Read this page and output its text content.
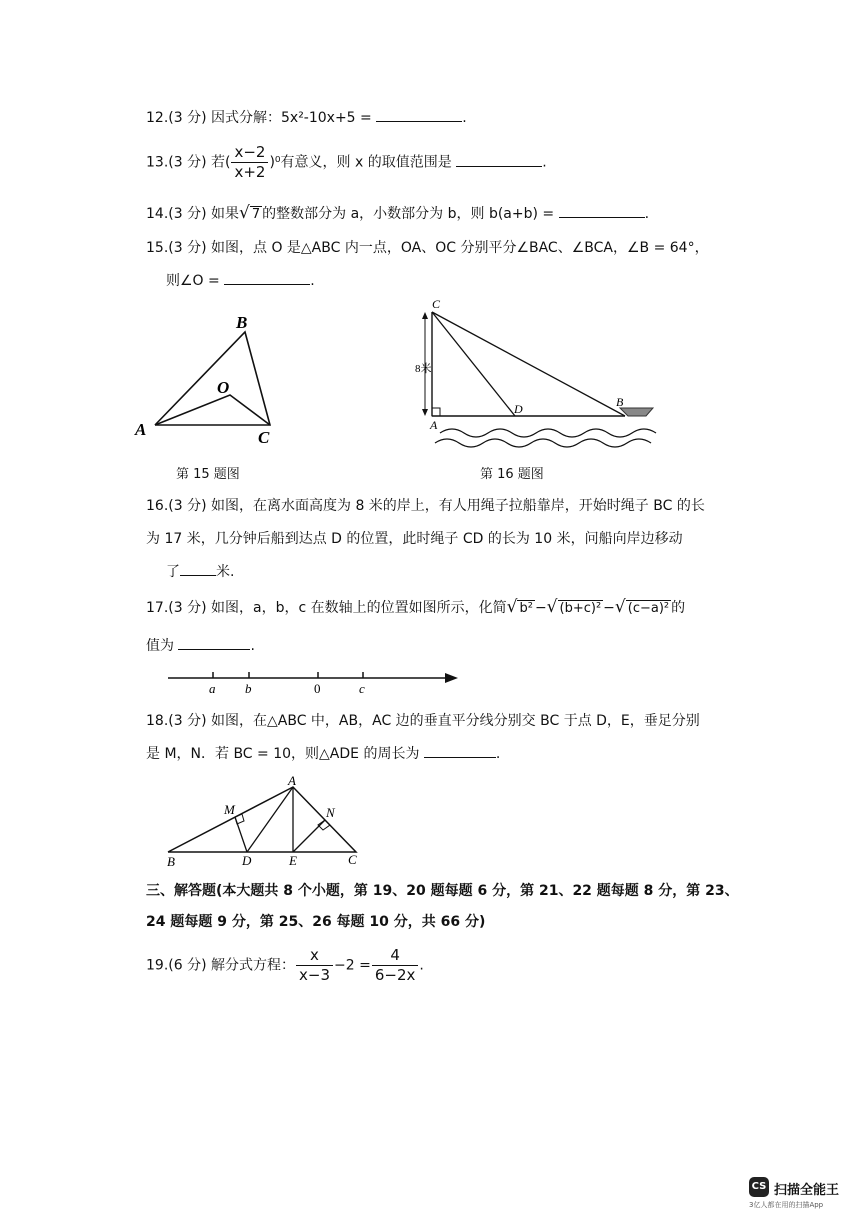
12.(3 分) 因式分解：5x²-10x+5 =	.
13.(3 分) 若( $\frac{x-2}{x+2} )^0$有意义，则 x 的取值范围是	.
14.(3 分) 如果√ 7 的整数部分为 a，小数部分为 b，则 b(a+b) =	.
15.(3 分) 如图，点 O 是△ABC 内一点，OA、OC 分别平分∠BAC、∠BCA，∠B = 64°，
则∠O =	.
A
B
C
O
第 15 题图
C
A
D	B
8米
第 16 题图
16.(3 分) 如图，在离水面高度为 8 米的岸上，有人用绳子拉船靠岸，开始时绳子 BC 的长
为 17 米，几分钟后船到达点 D 的位置，此时绳子 CD 的长为 10 米，问船向岸边移动
了	米.
17.(3 分) 如图，a，b，c 在数轴上的位置如图所示，化简√ b² −√ (b+c)² −√ (c−a)² 的
值为	.
a b	0	c
18.(3 分) 如图，在△ABC 中，AB，AC 边的垂直平分线分别交 BC 于点 D，E，垂足分别
是 M，N．若 BC = 10，则△ADE 的周长为	.
A
B	C
D	E
M	N
三、解答题(本大题共 8 个小题，第 19、20 题每题 6 分，第 21、22 题每题 8 分，第 23、
24 题每题 9 分，第 25、26 每题 10 分，共 66 分)
19.(6 分) 解分式方程： $\frac{x}{x-3} -2 = \frac{4}{6-2x}$ .
CS 扫描全能王
3亿人都在用的扫描App
